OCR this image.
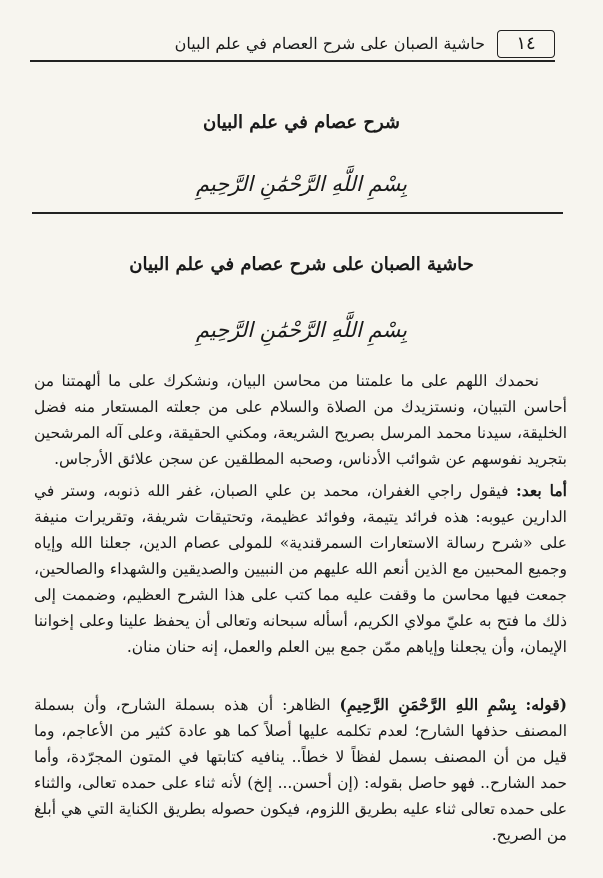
١٤
حاشية الصبان على شرح العصام في علم البيان
شرح عصام في علم البيان
بِسْمِ اللَّهِ الرَّحْمَٰنِ الرَّحِيمِ
حاشية الصبان على شرح عصام في علم البيان
بِسْمِ اللَّهِ الرَّحْمَٰنِ الرَّحِيمِ

نحمدك اللهم على ما علمتنا من محاسن البيان، ونشكرك على ما ألهمتنا من أحاسن التبيان، ونستزيدك من الصلاة والسلام على من جعلته المستعار منه فضل الخليقة، سيدنا محمد المرسل بصريح الشريعة، ومكني الحقيقة، وعلى آله المرشحين بتجريد نفوسهم عن شوائب الأدناس، وصحبه المطلقين عن سجن علائق الأرجاس.

أما بعد: فيقول راجي الغفران، محمد بن علي الصبان، غفر الله ذنوبه، وستر في الدارين عيوبه: هذه فرائد يتيمة، وفوائد عظيمة، وتحتيقات شريفة، وتقريرات منيفة على «شرح رسالة الاستعارات السمرقندية» للمولى عصام الدين، جعلنا الله وإياه وجميع المحبين مع الذين أنعم الله عليهم من النبيين والصديقين والشهداء والصالحين، جمعت فيها محاسن ما وقفت عليه مما كتب على هذا الشرح العظيم، وضممت إلى ذلك ما فتح به عليّ مولاي الكريم، أسأله سبحانه وتعالى أن يحفظ علينا وعلى إخواننا الإيمان، وأن يجعلنا وإياهم ممّن جمع بين العلم والعمل، إنه حنان منان.

(قوله: بِسْمِ اللهِ الرَّحْمَنِ الرَّحِيمِ) الظاهر: أن هذه بسملة الشارح، وأن بسملة المصنف حذفها الشارح؛ لعدم تكلمه عليها أصلاً كما هو عادة كثير من الأعاجم، وما قيل من أن المصنف بسمل لفظاً لا خطاً.. ينافيه كتابتها في المتون المجرّدة، وأما حمد الشارح.. فهو حاصل بقوله: (إن أحسن... إلخ) لأنه ثناء على حمده تعالى، والثناء على حمده تعالى ثناء عليه بطريق اللزوم، فيكون حصوله بطريق الكناية التي هي أبلغ من الصريح.
